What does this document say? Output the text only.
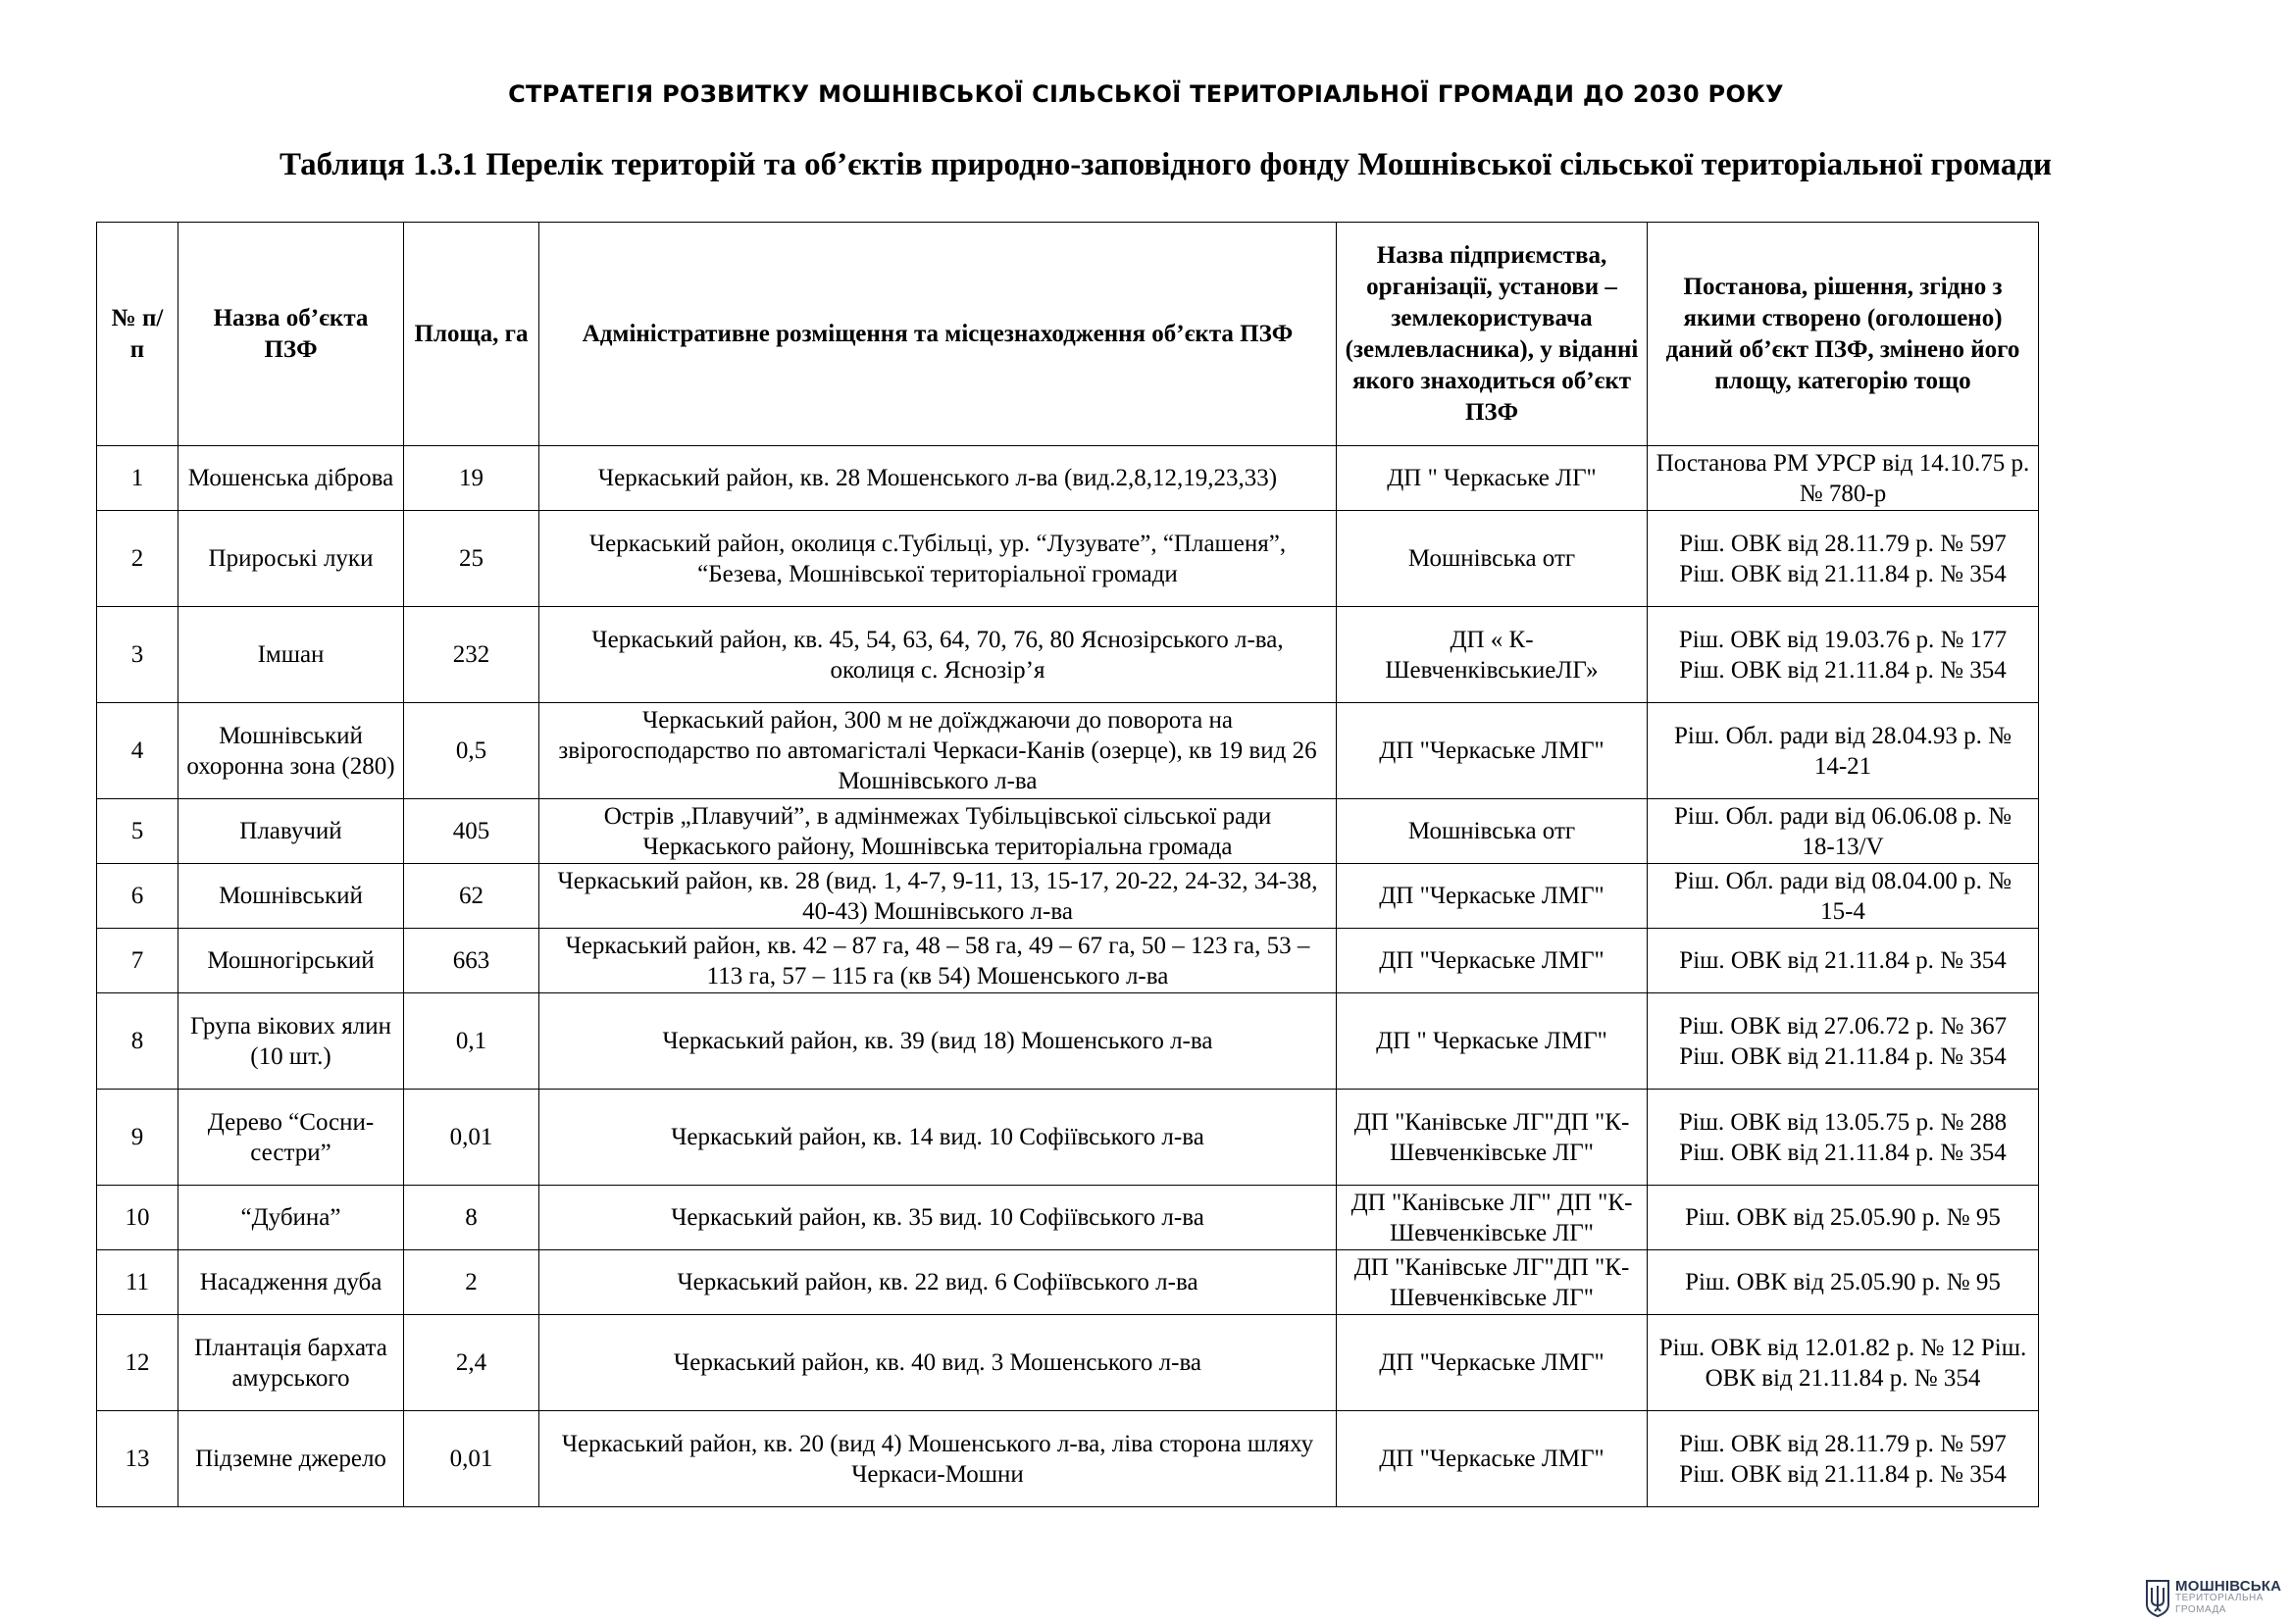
СТРАТЕГІЯ РОЗВИТКУ МОШНІВСЬКОЇ СІЛЬСЬКОЇ ТЕРИТОРІАЛЬНОЇ ГРОМАДИ ДО 2030 РОКУ
Таблиця 1.3.1 Перелік територій та об’єктів природно-заповідного фонду Мошнівської сільської територіальної громади
№ п/п	Назва об’єкта ПЗФ	Площа, га	Адміністративне розміщення та місцезнаходження об’єкта ПЗФ	Назва підприємства, організації, установи – землекористувача (землевласника), у віданні якого знаходиться об’єкт ПЗФ	Постанова, рішення, згідно з якими створено (оголошено) даний об’єкт ПЗФ, змінено його площу, категорію тощо
1	Мошенська діброва	19	Черкаський район, кв. 28 Мошенського л-ва (вид.2,8,12,19,23,33)	ДП " Черкаське ЛГ"	Постанова РМ УРСР від 14.10.75 р. № 780-р
2	Прироські луки	25	Черкаський район, околиця с.Тубільці, ур. “Лузувате”, “Плашеня”, “Безева, Мошнівської територіальної громади	Мошнівська отг	Ріш. ОВК від 28.11.79 р. № 597 Ріш. ОВК від 21.11.84 р. № 354
3	Імшан	232	Черкаський район, кв. 45, 54, 63, 64, 70, 76, 80 Яснозірського л-ва, околиця с. Яснозір’я	ДП « К-ШевченківськиеЛГ»	Ріш. ОВК від 19.03.76 р. № 177 Ріш. ОВК від 21.11.84 р. № 354
4	Мошнівський охоронна зона (280)	0,5	Черкаський район, 300 м не доїжджаючи до поворота на звірогосподарство по автомагісталі Черкаси-Канів (озерце), кв 19 вид 26 Мошнівського л-ва	ДП "Черкаське ЛМГ"	Ріш. Обл. ради від 28.04.93 р. № 14-21
5	Плавучий	405	Острів „Плавучий”, в адмінмежах Тубільцівської сільської ради Черкаського району, Мошнівська територіальна громада	Мошнівська отг	Ріш. Обл. ради від 06.06.08 р. № 18-13/V
6	Мошнівський	62	Черкаський район, кв. 28 (вид. 1, 4-7, 9-11, 13, 15-17, 20-22, 24-32, 34-38, 40-43) Мошнівського л-ва	ДП "Черкаське ЛМГ"	Ріш. Обл. ради від 08.04.00 р. № 15-4
7	Мошногірський	663	Черкаський район, кв. 42 – 87 га, 48 – 58 га, 49 – 67 га, 50 – 123 га, 53 – 113 га, 57 – 115 га (кв 54) Мошенського л-ва	ДП "Черкаське ЛМГ"	Ріш. ОВК від 21.11.84 р. № 354
8	Група вікових ялин (10 шт.)	0,1	Черкаський район, кв. 39 (вид 18) Мошенського л-ва	ДП " Черкаське ЛМГ"	Ріш. ОВК від 27.06.72 р. № 367 Ріш. ОВК від 21.11.84 р. № 354
9	Дерево “Сосни-сестри”	0,01	Черкаський район, кв. 14 вид. 10 Софіївського л-ва	ДП "Канівське ЛГ"ДП "К-Шевченківське ЛГ"	Ріш. ОВК від 13.05.75 р. № 288 Ріш. ОВК від 21.11.84 р. № 354
10	“Дубина”	8	Черкаський район, кв. 35 вид. 10 Софіївського л-ва	ДП "Канівське ЛГ" ДП "К-Шевченківське ЛГ"	Ріш. ОВК від 25.05.90 р. № 95
11	Насадження дуба	2	Черкаський район, кв. 22 вид. 6 Софіївського л-ва	ДП "Канівське ЛГ"ДП "К-Шевченківське ЛГ"	Ріш. ОВК від 25.05.90 р. № 95
12	Плантація бархата амурського	2,4	Черкаський район, кв. 40 вид. 3 Мошенського л-ва	ДП "Черкаське ЛМГ"	Ріш. ОВК від 12.01.82 р. № 12 Ріш. ОВК від 21.11.84 р. № 354
13	Підземне джерело	0,01	Черкаський район, кв. 20 (вид 4) Мошенського л-ва, ліва сторона шляху Черкаси-Мошни	ДП "Черкаське ЛМГ"	Ріш. ОВК від 28.11.79 р. № 597 Ріш. ОВК від 21.11.84 р. № 354
МОШНІВСЬКА
ТЕРИТОРІАЛЬНА
ГРОМАДА
